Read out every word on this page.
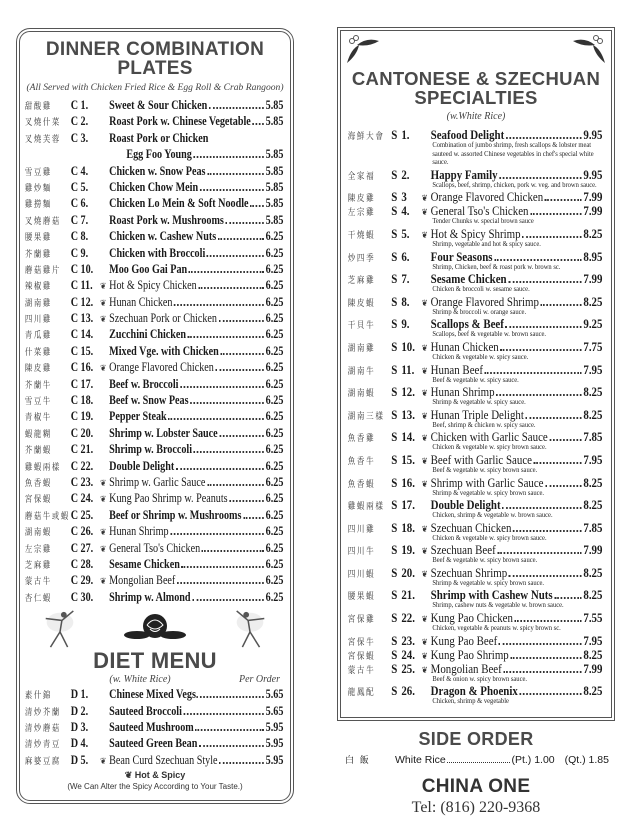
DINNER COMBINATION
PLATES
(All Served with Chicken Fried Rice & Egg Roll & Crab Rangoon)
甜酸雞	C 1.	Sweet & Sour Chicken	5.85
叉燒什菜 C 2.	Roast Pork w. Chinese Vegetable 5.85
叉燒芙蓉 C 3.	Roast Pork or Chicken
Egg Foo Young	5.85
雪豆雞	C 4.	Chicken w. Snow Peas	5.85
雞炒麵	C 5.	Chicken Chow Mein	5.85
雞撈麵	C 6.	Chicken Lo Mein & Soft Noodle 5.85
叉燒蘑菇 C 7.	Roast Pork w. Mushrooms	5.85
腰果雞	C 8.	Chicken w. Cashew Nuts	6.25
芥蘭雞	C 9.	Chicken with Broccoli	6.25
蘑菇雞片 C 10.	Moo Goo Gai Pan	6.25
辣椒雞	C 11. ❦ Hot & Spicy Chicken	6.25
湖南雞	C 12. ❦ Hunan Chicken	6.25
四川雞	C 13. ❦ Szechuan Pork or Chicken	6.25
青瓜雞	C 14.	Zucchini Chicken	6.25
什菜雞	C 15.	Mixed Vge. with Chicken	6.25
陳皮雞	C 16. ❦ Orange Flavored Chicken	6.25
芥蘭牛	C 17.	Beef w. Broccoli	6.25
雪豆牛	C 18.	Beef w. Snow Peas	6.25
青椒牛	C 19.	Pepper Steak	6.25
蝦龍糊	C 20.	Shrimp w. Lobster Sauce	6.25
芥蘭蝦	C 21.	Shrimp w. Broccoli	6.25
雞蝦兩樣 C 22.	Double Delight	6.25
魚香蝦	C 23. ❦ Shrimp w. Garlic Sauce	6.25
宮保蝦	C 24. ❦ Kung Pao Shrimp w. Peanuts	6.25
蘑菇牛或蝦 C 25.	Beef or Shrimp w. Mushrooms 6.25
湖南蝦	C 26. ❦ Hunan Shrimp	6.25
左宗雞	C 27. ❦ General Tso's Chicken	6.25
芝麻雞	C 28.	Sesame Chicken	6.25
蒙古牛	C 29. ❦ Mongolian Beef	6.25
杏仁蝦	C 30.	Shrimp w. Almond	6.25
DIET MENU
(w. White Rice)	Per Order
素什錦	D 1.	Chinese Mixed Vegs.	5.65
清炒芥蘭 D 2.	Sauteed Broccoli	5.65
清炒蘑菇 D 3.	Sauteed Mushroom	5.95
清炒青豆 D 4.	Sauteed Green Bean	5.95
麻婆豆腐 D 5.	❦ Bean Curd Szechuan Style	5.95
❦ Hot & Spicy
(We Can Alter the Spicy According to Your Taste.)
CANTONESE & SZECHUAN
SPECIALTIES
(w.White Rice)
海鮮大會 S 1.	Seafood Delight	9.95
Combination of jumbo shrimp, fresh scallops & lobster meat sauteed w. assorted Chinese vegetables in chef's special white sauce.
全家福	S 2.	Happy Family	9.95
Scallops, beef, shrimp, chicken, pork w. veg. and brown sauce.
陳皮雞	S 3	❦ Orange Flavored Chicken	7.99
左宗雞	S 4.	❦ General Tso's Chicken	7.99
Tender Chunks w. special brown sauce
干燒蝦	S 5.	❦ Hot & Spicy Shrimp	8.25
Shrimp, vegetable and hot & spicy sauce.
炒四季	S 6.	Four Seasons	8.95
Shrimp, Chicken, beef & roast pork w. brown sc.
芝麻雞	S 7.	Sesame Chicken	7.99
Chicken & broccoli w. sesame sauce.
陳皮蝦	S 8.	❦ Orange Flavored Shrimp	8.25
Shrimp & broccoli w. orange sauce.
干貝牛	S 9.	Scallops & Beef	9.25
Scallops, beef & vegetable w. brown sauce.
湖南雞	S 10. ❦ Hunan Chicken	7.75
Chicken & vegetable w. spicy sauce.
湖南牛	S 11. ❦ Hunan Beef	7.95
Beef & vegetable w. spicy sauce.
湖南蝦	S 12. ❦ Hunan Shrimp	8.25
Shrimp & vegetable w. spicy sauce.
湖南三樣 S 13. ❦ Hunan Triple Delight	8.25
Beef, shrimp & chicken w. spicy sauce.
魚香雞	S 14. ❦ Chicken with Garlic Sauce	7.85
Chicken & vegetable w. spicy brown sauce.
魚香牛	S 15. ❦ Beef with Garlic Sauce	7.95
Beef & vegetable w. spicy brown sauce.
魚香蝦	S 16. ❦ Shrimp with Garlic Sauce	8.25
Shrimp & vegetable w. spicy brown sauce.
雞蝦兩樣 S 17.	Double Delight	8.25
Chicken, shrimp & vegetable w. brown sauce.
四川雞	S 18. ❦ Szechuan Chicken	7.85
Chicken & vegetable w. spicy brown sauce.
四川牛	S 19. ❦ Szechuan Beef	7.99
Beef & vegetable w. spicy brown sauce.
四川蝦	S 20. ❦ Szechuan Shrimp	8.25
Shrimp & vegetable w. spicy brown sauce.
腰果蝦	S 21.	Shrimp with Cashew Nuts 8.25
Shrimp, cashew nuts & vegetable w. brown sauce.
宮保雞	S 22. ❦ Kung Pao Chicken	7.55
Chicken, vegetable & peanuts w. spicy brown sc.
宮保牛	S 23. ❦ Kung Pao Beef	7.95
宮保蝦	S 24. ❦ Kung Pao Shrimp	8.25
蒙古牛	S 25. ❦ Mongolian Beef	7.99
Beef & onion w. spicy brown sauce.
龍鳳配	S 26.	Dragon & Phoenix	8.25
Chicken, shrimp & vegetable
SIDE ORDER
白  飯	White Rice	(Pt.) 1.00 (Qt.) 1.85
CHINA ONE
Tel: (816) 220-9368
